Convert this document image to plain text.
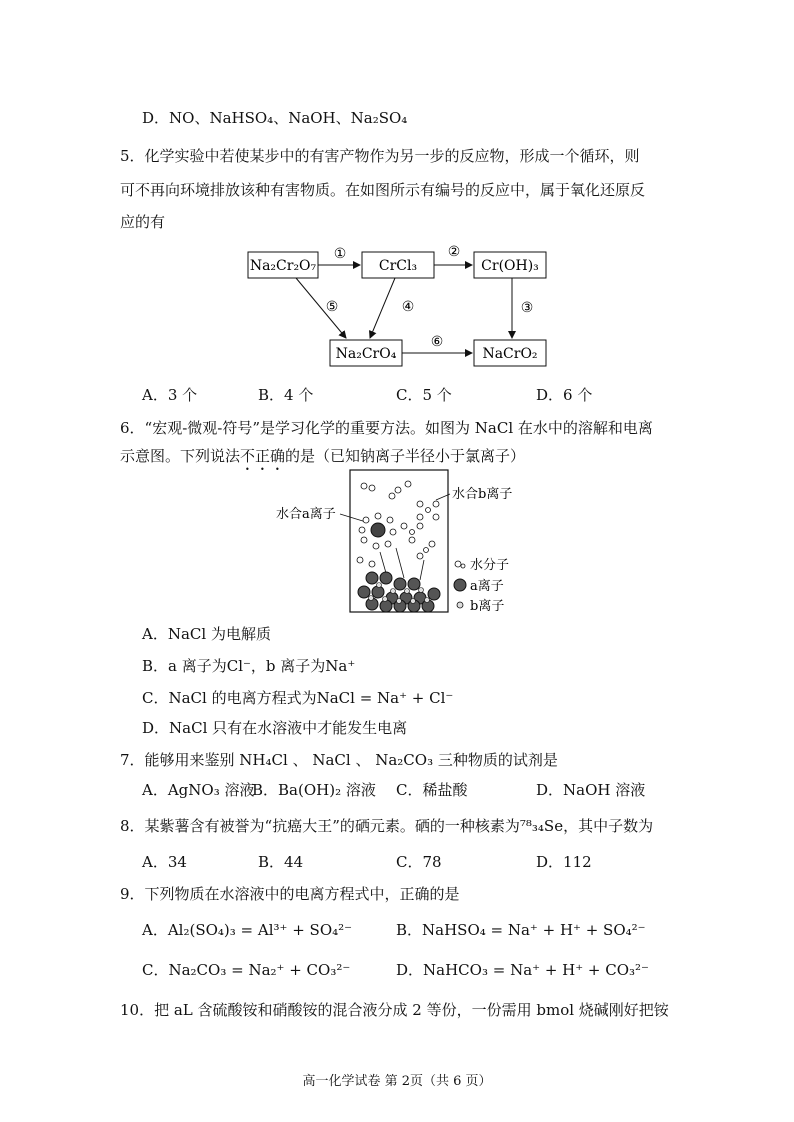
D．NO、NaHSO₄、NaOH、Na₂SO₄
5．化学实验中若使某步中的有害产物作为另一步的反应物，形成一个循环，则
可不再向环境排放该种有害物质。在如图所示有编号的反应中，属于氧化还原反
应的有
Na₂Cr₂O₇	CrCl₃	Cr(OH)₃
Na₂CrO₄	NaCrO₂
①	②
③
④
⑤
⑥
A．3 个	B．4 个	C．5 个	D．6 个
6．“宏观-微观-符号”是学习化学的重要方法。如图为 NaCl 在水中的溶解和电离
示意图。下列说法不正确的是（已知钠离子半径小于氯离子）
水合a离子
水合b离子
水分子
a离子
b离子
A．NaCl 为电解质
B．a 离子为Cl⁻，b 离子为Na⁺
C．NaCl 的电离方程式为NaCl = Na⁺ + Cl⁻
D．NaCl 只有在水溶液中才能发生电离
7．能够用来鉴别 NH₄Cl 、 NaCl 、 Na₂CO₃ 三种物质的试剂是
A．AgNO₃ 溶液
B．Ba(OH)₂ 溶液 C．稀盐酸	D．NaOH 溶液
8．某紫薯含有被誉为“抗癌大王”的硒元素。硒的一种核素为⁷⁸₃₄Se，其中子数为
A．34	B．44	C．78	D．112
9．下列物质在水溶液中的电离方程式中，正确的是
A．Al₂(SO₄)₃ = Al³⁺ + SO₄²⁻	B．NaHSO₄ = Na⁺ + H⁺ + SO₄²⁻
C．Na₂CO₃ = Na₂⁺ + CO₃²⁻	D．NaHCO₃ = Na⁺ + H⁺ + CO₃²⁻
10．把 aL 含硫酸铵和硝酸铵的混合液分成 2 等份，一份需用 bmol 烧碱刚好把铵
高一化学试卷 第 2页（共 6 页）
